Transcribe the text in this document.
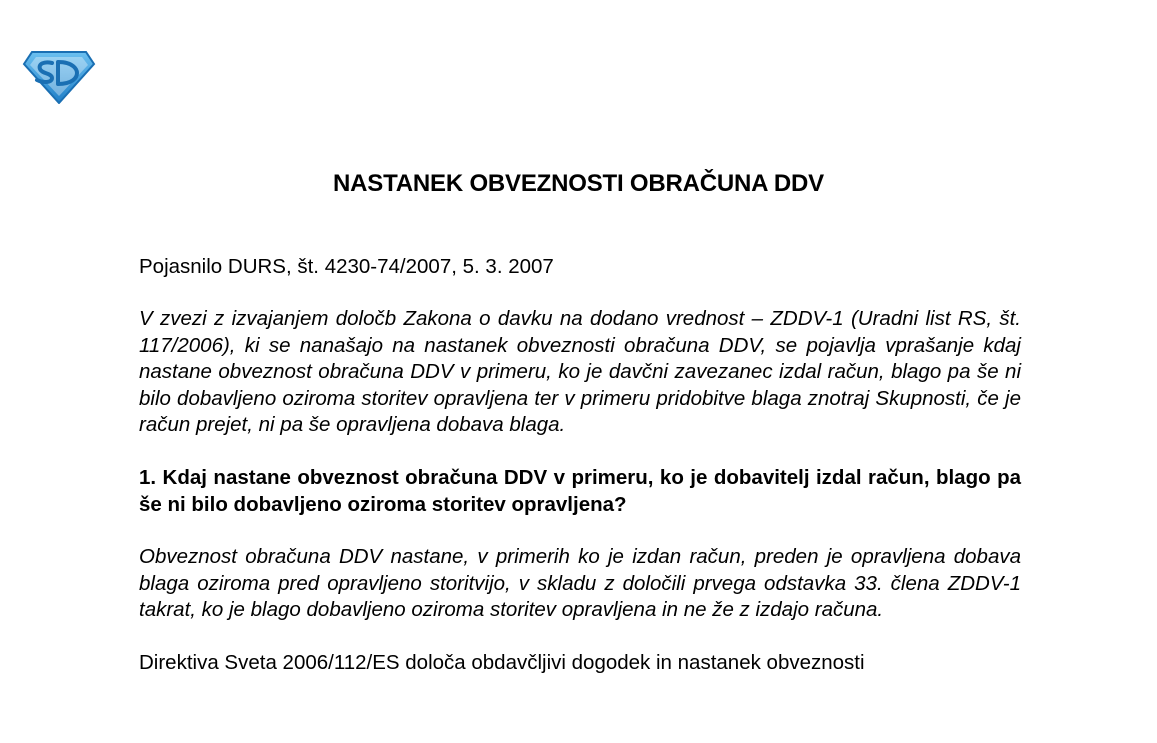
NASTANEK OBVEZNOSTI OBRAČUNA DDV

Pojasnilo DURS, št. 4230-74/2007, 5. 3. 2007

V zvezi z izvajanjem določb Zakona o davku na dodano vrednost – ZDDV-1 (Uradni list RS, št. 117/2006), ki se nanašajo na nastanek obveznosti obračuna DDV, se pojavlja vprašanje kdaj nastane obveznost obračuna DDV v primeru, ko je davčni zavezanec izdal račun, blago pa še ni bilo dobavljeno oziroma storitev opravljena ter v primeru pridobitve blaga znotraj Skupnosti, če je račun prejet, ni pa še opravljena dobava blaga.

1. Kdaj nastane obveznost obračuna DDV v primeru, ko je dobavitelj izdal račun, blago pa še ni bilo dobavljeno oziroma storitev opravljena?

Obveznost obračuna DDV nastane, v primerih ko je izdan račun, preden je opravljena dobava blaga oziroma pred opravljeno storitvijo, v skladu z določili prvega odstavka 33. člena ZDDV-1 takrat, ko je blago dobavljeno oziroma storitev opravljena in ne že z izdajo računa.

Direktiva Sveta 2006/112/ES določa obdavčljivi dogodek in nastanek obveznosti
